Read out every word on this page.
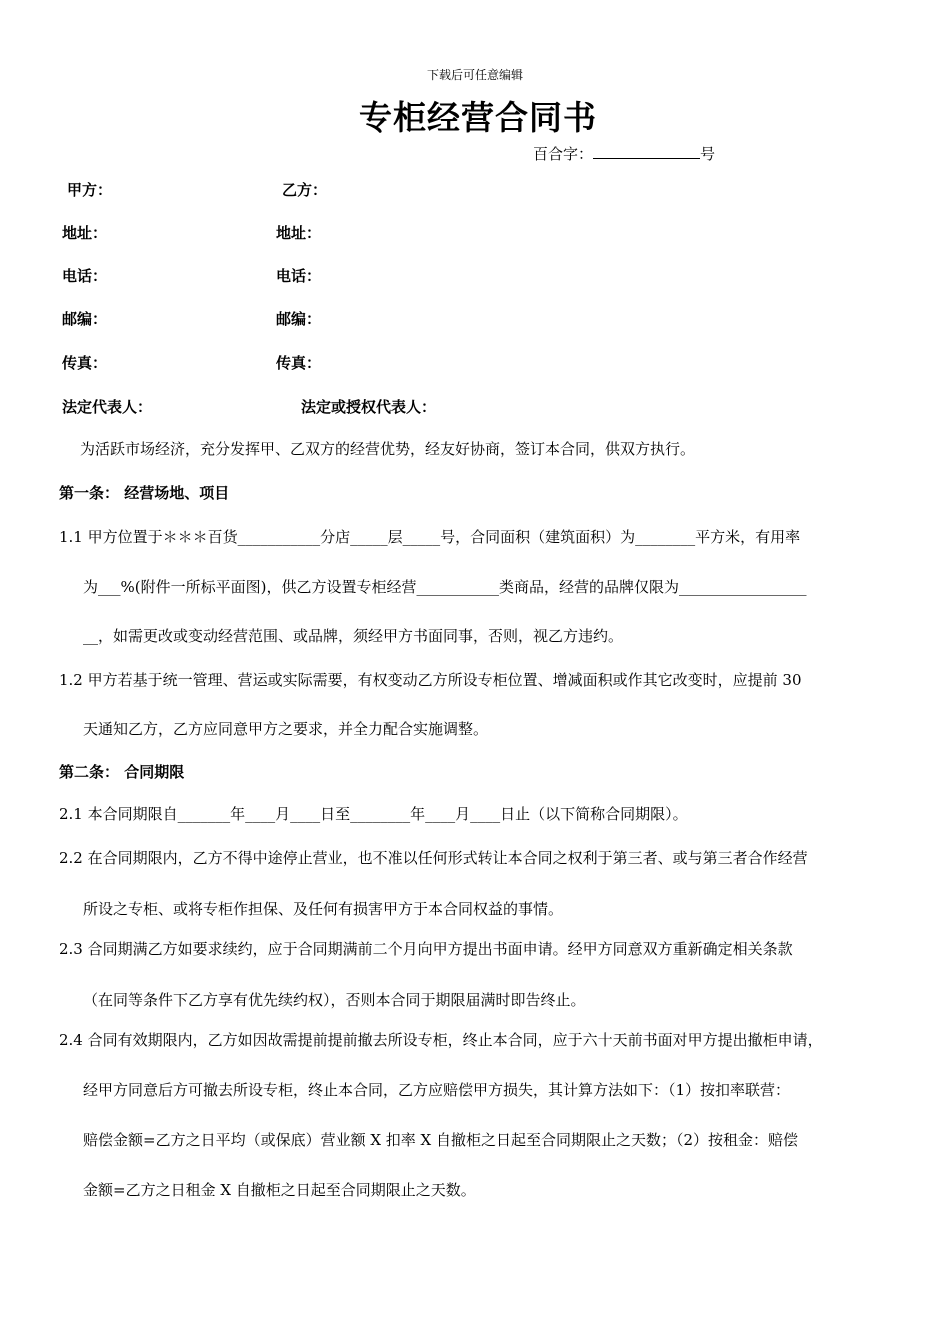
下载后可任意编辑
专柜经营合同书
百合字：	号
甲方：	乙方：
地址：	地址：
电话：	电话：
邮编：	邮编：
传真：	传真：
法定代表人：	法定或授权代表人：
为活跃市场经济，充分发挥甲、乙双方的经营优势，经友好协商，签订本合同，供双方执行。
第一条： 经营场地、项目
1.1 甲方位置于＊＊＊百货___________分店_____层_____号，合同面积（建筑面积）为________平方米，有用率
为___%(附件一所标平面图)，供乙方设置专柜经营___________类商品，经营的品牌仅限为_________________
__，如需更改或变动经营范围、或品牌，须经甲方书面同事，否则，视乙方违约。
1.2 甲方若基于统一管理、营运或实际需要，有权变动乙方所设专柜位置、增减面积或作其它改变时，应提前 30
天通知乙方，乙方应同意甲方之要求，并全力配合实施调整。
第二条： 合同期限
2.1 本合同期限自_______年____月____日至________年____月____日止（以下简称合同期限）。
2.2 在合同期限内，乙方不得中途停止营业，也不准以任何形式转让本合同之权利于第三者、或与第三者合作经营
所设之专柜、或将专柜作担保、及任何有损害甲方于本合同权益的事情。
2.3 合同期满乙方如要求续约，应于合同期满前二个月向甲方提出书面申请。经甲方同意双方重新确定相关条款
（在同等条件下乙方享有优先续约权），否则本合同于期限届满时即告终止。
2.4 合同有效期限内，乙方如因故需提前提前撤去所设专柜，终止本合同，应于六十天前书面对甲方提出撤柜申请，
经甲方同意后方可撤去所设专柜，终止本合同，乙方应赔偿甲方损失，其计算方法如下：（1）按扣率联营：
赔偿金额=乙方之日平均（或保底）营业额 X 扣率 X 自撤柜之日起至合同期限止之天数；（2）按租金：赔偿
金额=乙方之日租金 X 自撤柜之日起至合同期限止之天数。
